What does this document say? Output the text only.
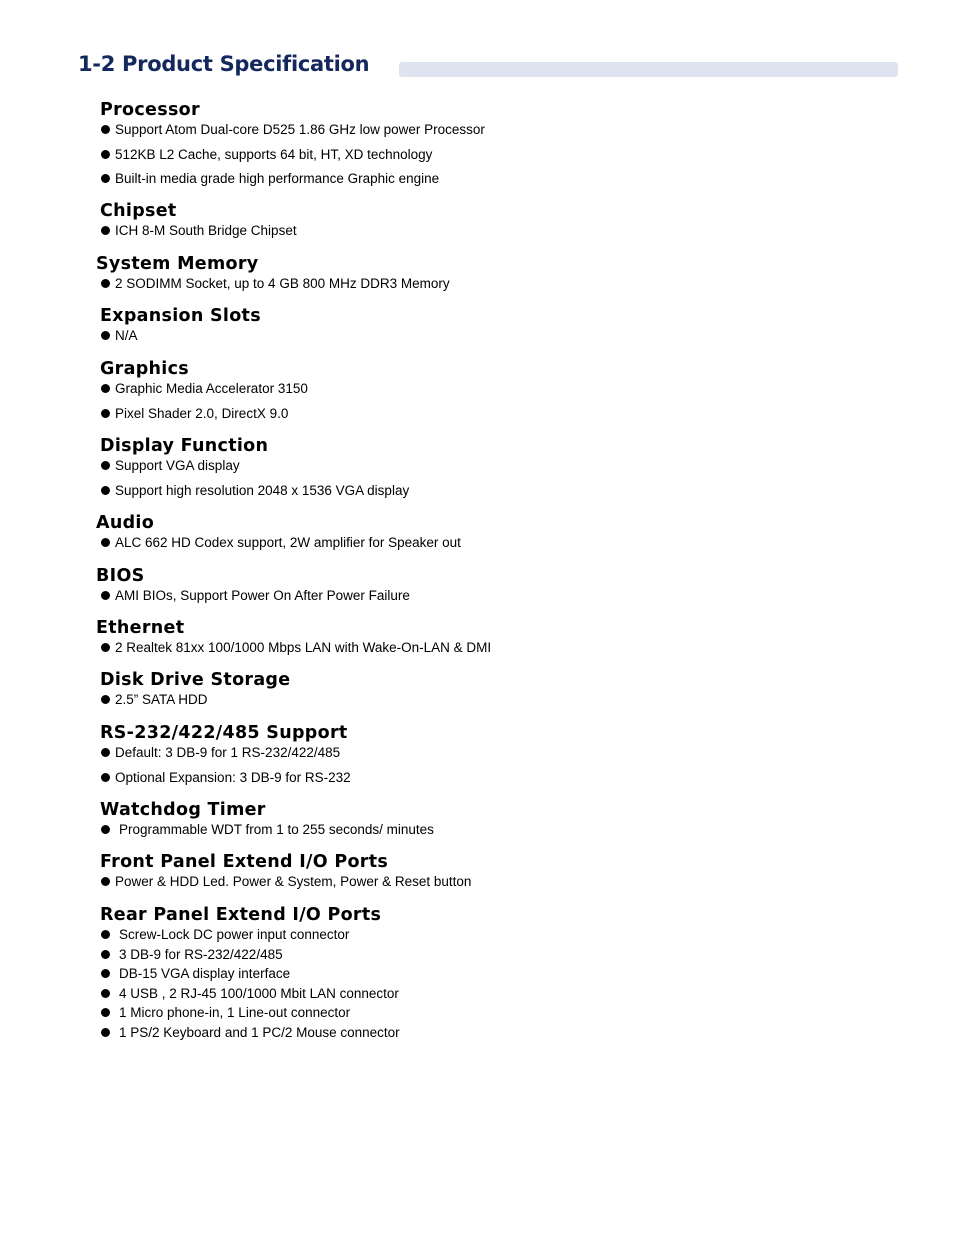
1-2 Product Specification
Processor
Support Atom Dual-core D525 1.86 GHz low power Processor
512KB L2 Cache, supports 64 bit, HT, XD technology
Built-in media grade high performance Graphic engine
Chipset
ICH 8-M South Bridge Chipset
System Memory
2 SODIMM Socket, up to 4 GB 800 MHz DDR3 Memory
Expansion Slots
N/A
Graphics
Graphic Media Accelerator 3150
Pixel Shader 2.0, DirectX 9.0
Display Function
Support VGA display
Support high resolution 2048 x 1536 VGA display
Audio
ALC 662 HD Codex support, 2W amplifier for Speaker out
BIOS
AMI BIOs, Support Power On After Power Failure
Ethernet
2 Realtek 81xx 100/1000 Mbps LAN with Wake-On-LAN & DMI
Disk Drive Storage
2.5” SATA HDD
RS-232/422/485 Support
Default: 3 DB-9 for 1 RS-232/422/485
Optional Expansion: 3 DB-9 for RS-232
Watchdog Timer
Programmable WDT from 1 to 255 seconds/ minutes
Front Panel Extend I/O Ports
Power & HDD Led. Power & System, Power & Reset button
Rear Panel Extend I/O Ports
Screw-Lock DC power input connector
3 DB-9 for RS-232/422/485
DB-15 VGA display interface
4 USB , 2 RJ-45 100/1000 Mbit LAN connector
1 Micro phone-in, 1 Line-out connector
1 PS/2 Keyboard and 1 PC/2 Mouse connector
